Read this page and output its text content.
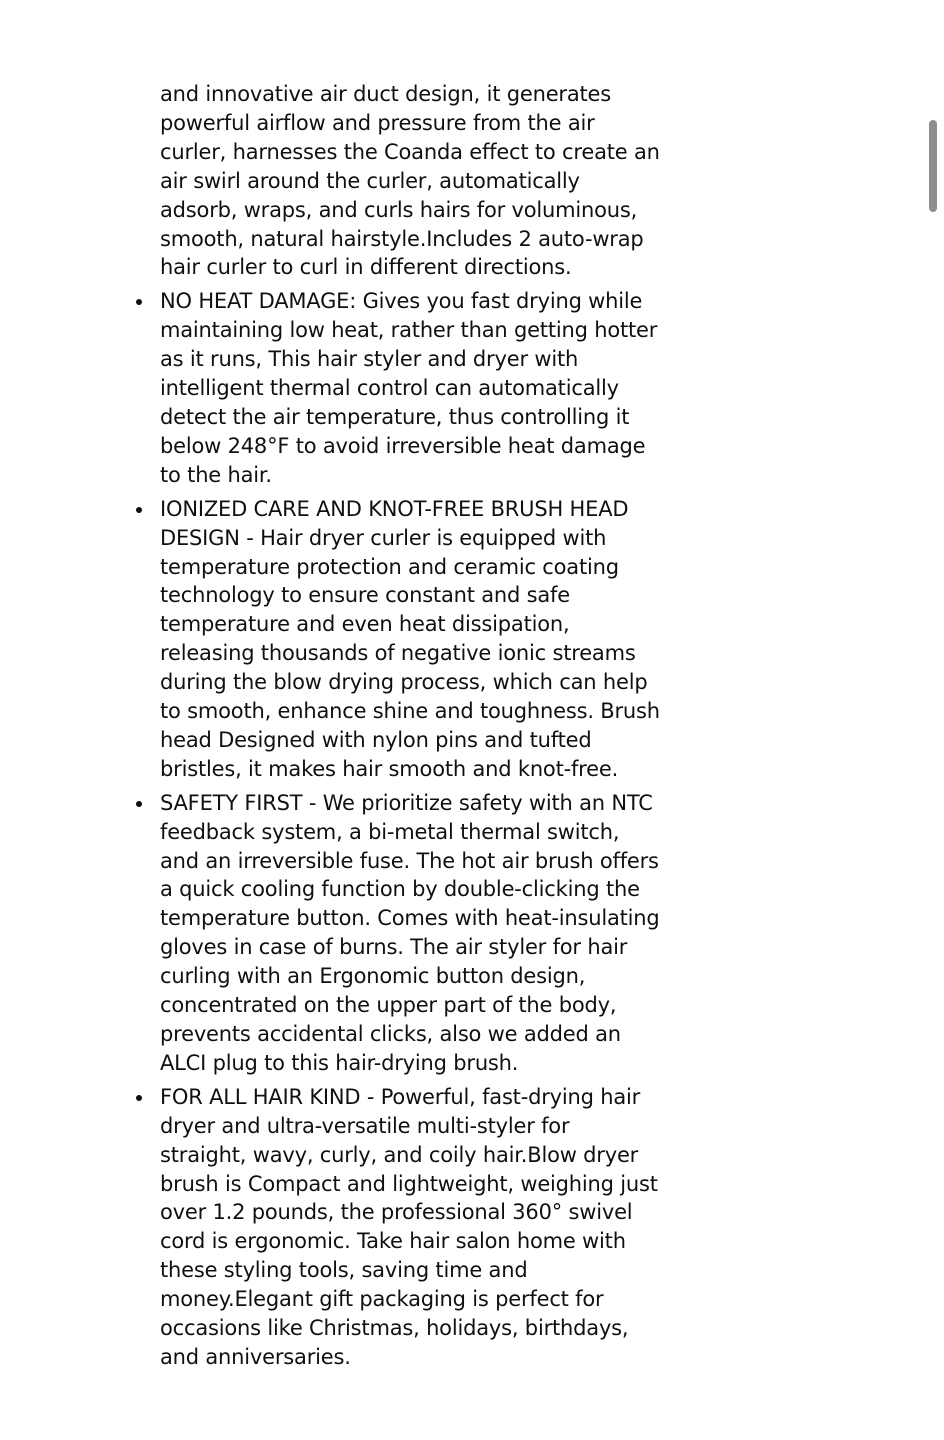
and innovative air duct design, it generates powerful airflow and pressure from the air curler, harnesses the Coanda effect to create an air swirl around the curler, automatically adsorb, wraps, and curls hairs for voluminous, smooth, natural hairstyle.Includes 2 auto-wrap hair curler to curl in different directions.

NO HEAT DAMAGE: Gives you fast drying while maintaining low heat, rather than getting hotter as it runs, This hair styler and dryer with intelligent thermal control can automatically detect the air temperature, thus controlling it below 248°F to avoid irreversible heat damage to the hair.
IONIZED CARE AND KNOT-FREE BRUSH HEAD DESIGN - Hair dryer curler is equipped with temperature protection and ceramic coating technology to ensure constant and safe temperature and even heat dissipation, releasing thousands of negative ionic streams during the blow drying process, which can help to smooth, enhance shine and toughness. Brush head Designed with nylon pins and tufted bristles, it makes hair smooth and knot-free.
SAFETY FIRST - We prioritize safety with an NTC feedback system, a bi-metal thermal switch, and an irreversible fuse. The hot air brush offers a quick cooling function by double-clicking the temperature button. Comes with heat-insulating gloves in case of burns. The air styler for hair curling with an Ergonomic button design, concentrated on the upper part of the body, prevents accidental clicks, also we added an ALCI plug to this hair-drying brush.
FOR ALL HAIR KIND - Powerful, fast-drying hair dryer and ultra-versatile multi-styler for straight, wavy, curly, and coily hair.Blow dryer brush is Compact and lightweight, weighing just over 1.2 pounds, the professional 360° swivel cord is ergonomic. Take hair salon home with these styling tools, saving time and money.Elegant gift packaging is perfect for occasions like Christmas, holidays, birthdays, and anniversaries.
